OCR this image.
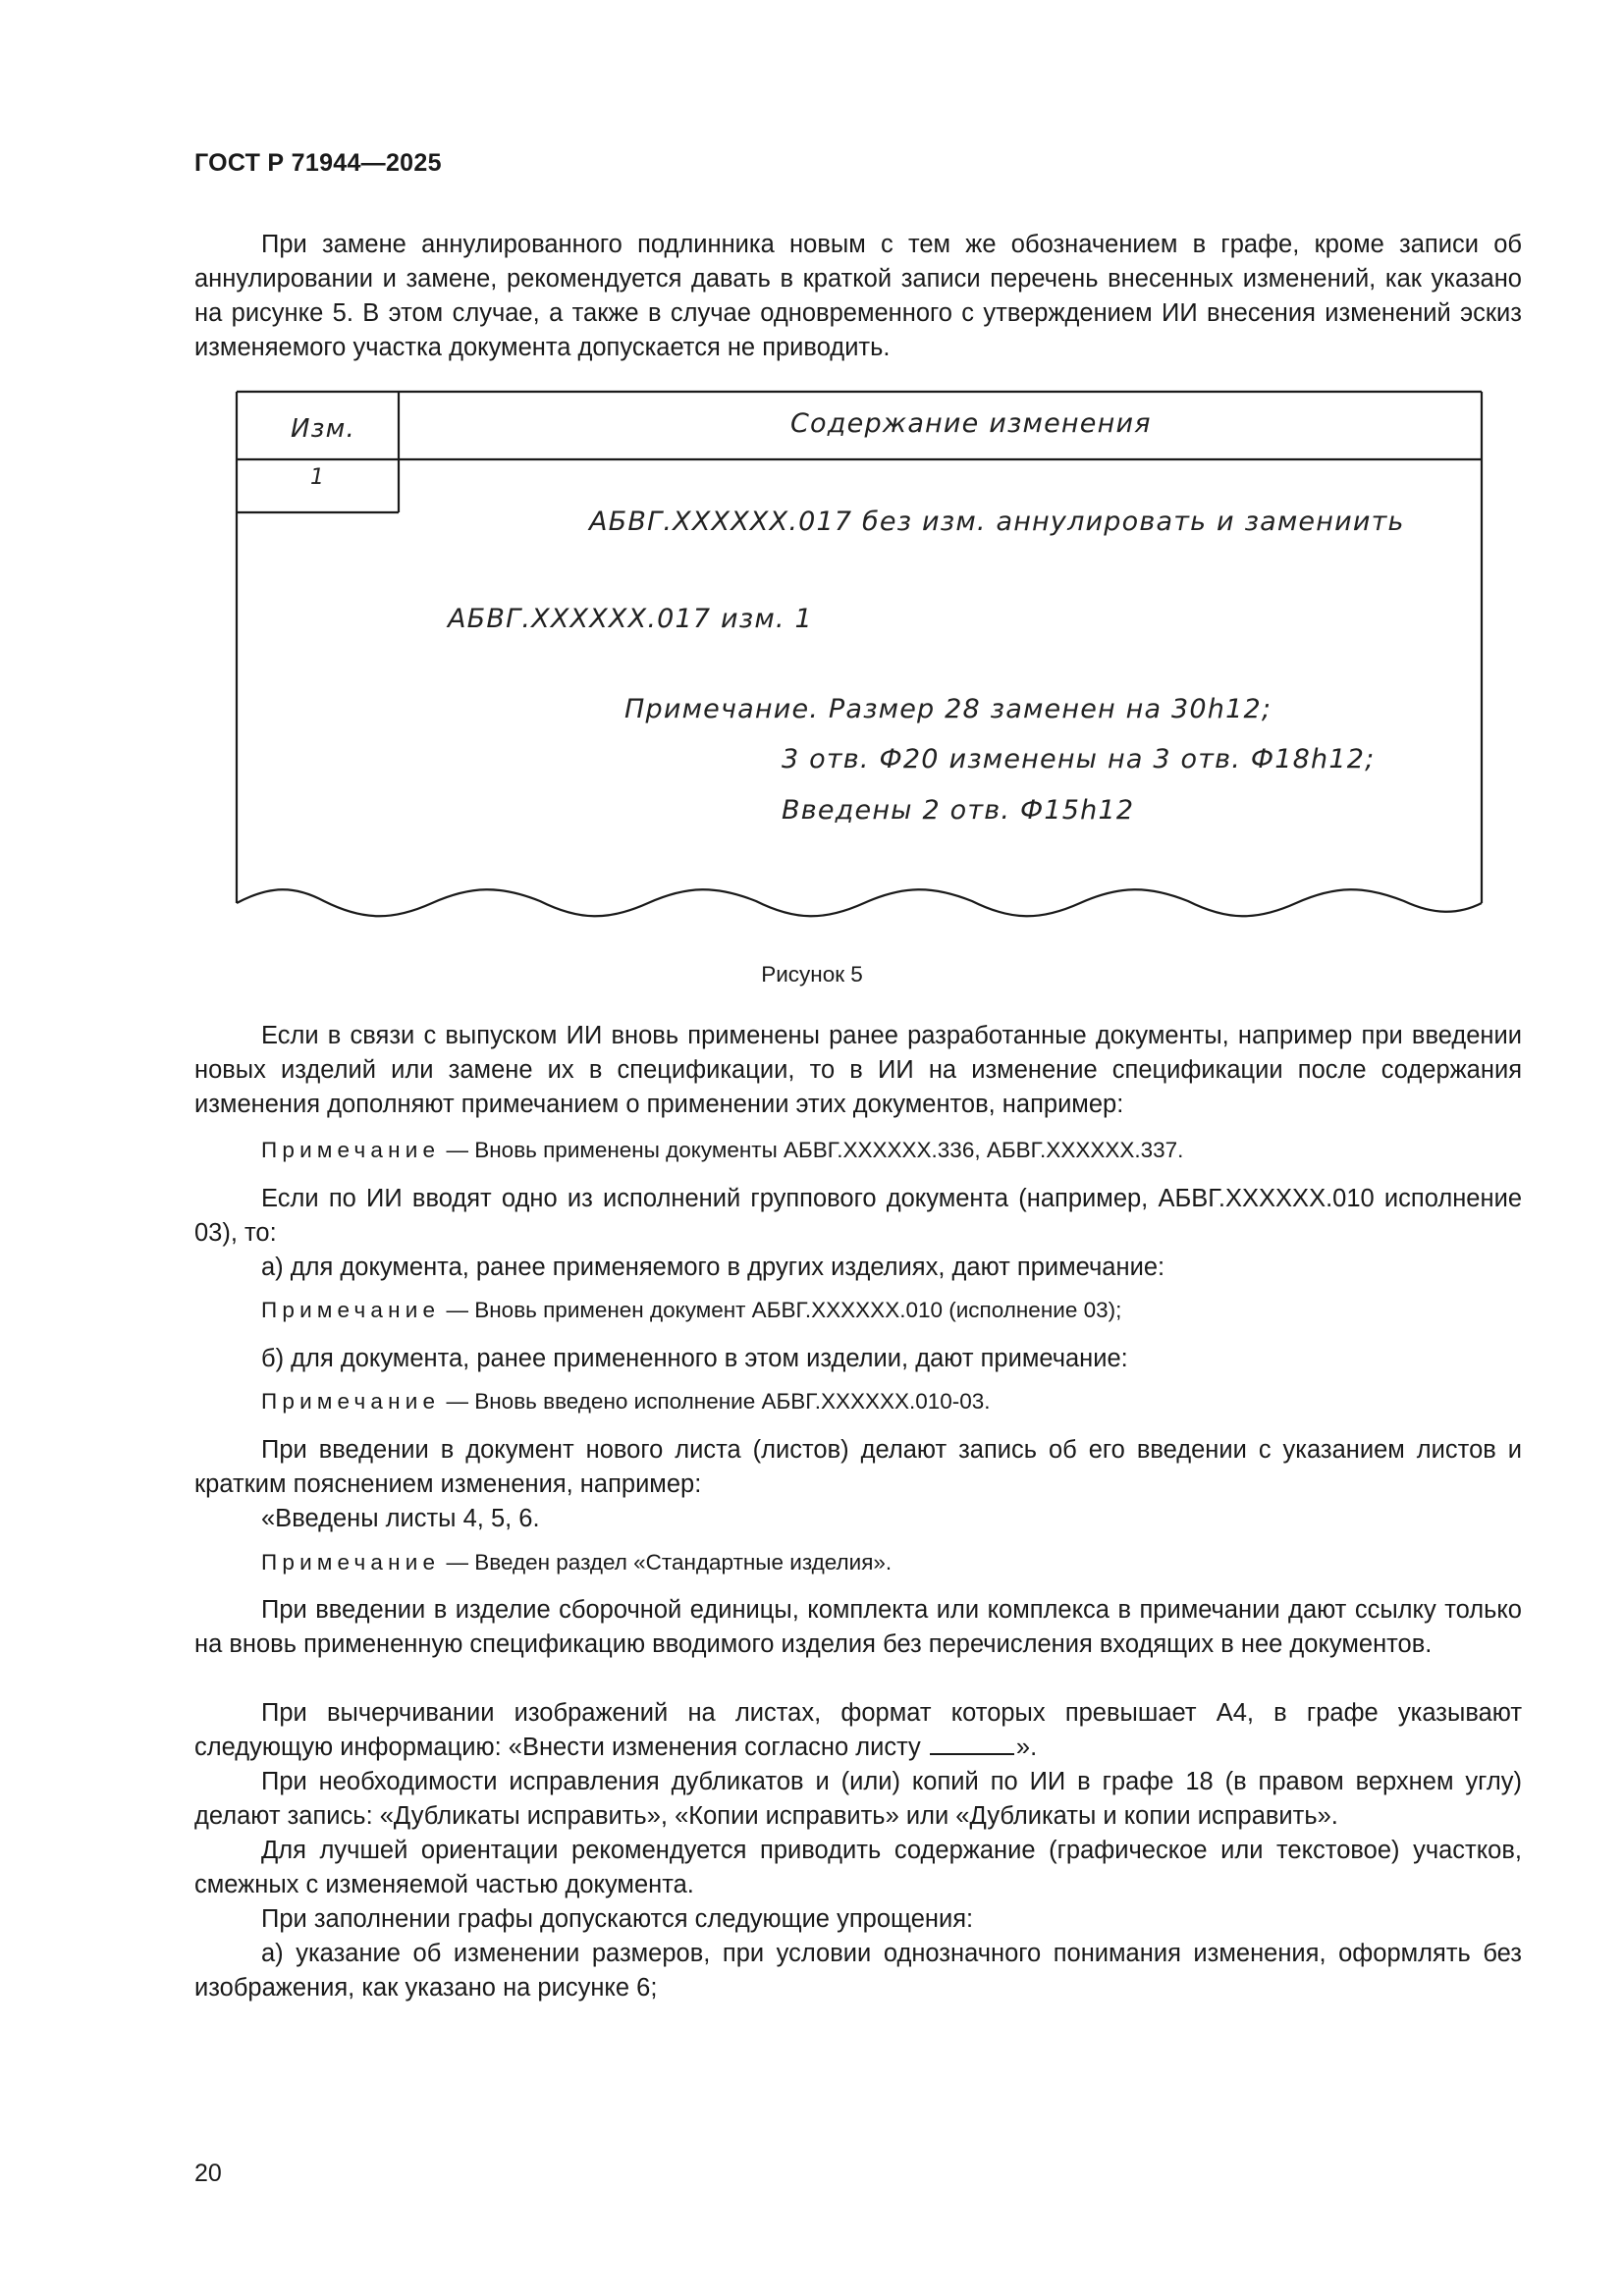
ГОСТ Р 71944—2025

При замене аннулированного подлинника новым с тем же обозначением в графе, кроме записи об аннулировании и замене, рекомендуется давать в краткой записи перечень внесенных изменений, как указано на рисунке 5. В этом случае, а также в случае одновременного с утверждением ИИ внесения изменений эскиз изменяемого участка документа допускается не приводить.

Изм.	Содержание изменения
1
АБВГ.XXXXXX.017 без изм. аннулировать и замениить
АБВГ.XXXXXX.017 изм. 1
Примечание. Размер 28 заменен на 30h12;
3 отв. Ф20 изменены на 3 отв. Ф18h12;
Введены 2 отв. Ф15h12
Рисунок 5

Если в связи с выпуском ИИ вновь применены ранее разработанные документы, например при введении новых изделий или замене их в спецификации, то в ИИ на изменение спецификации после содержания изменения дополняют примечанием о применении этих документов, например:

Примечание — Вновь применены документы АБВГ.XXXXXX.336, АБВГ.XXXXXX.337.

Если по ИИ вводят одно из исполнений группового документа (например, АБВГ.XXXXXX.010 исполнение 03), то:

а) для документа, ранее применяемого в других изделиях, дают примечание:

Примечание — Вновь применен документ АБВГ.XXXXXX.010 (исполнение 03);

б) для документа, ранее примененного в этом изделии, дают примечание:

Примечание — Вновь введено исполнение АБВГ.XXXXXX.010-03.

При введении в документ нового листа (листов) делают запись об его введении с указанием листов и кратким пояснением изменения, например:

«Введены листы 4, 5, 6.

Примечание — Введен раздел «Стандартные изделия».

При введении в изделие сборочной единицы, комплекта или комплекса в примечании дают ссылку только на вновь примененную спецификацию вводимого изделия без перечисления входящих в нее документов.

При вычерчивании изображений на листах, формат которых превышает А4, в графе указывают следующую информацию: «Внести изменения согласно листу	».

При необходимости исправления дубликатов и (или) копий по ИИ в графе 18 (в правом верхнем углу) делают запись: «Дубликаты исправить», «Копии исправить» или «Дубликаты и копии исправить».

Для лучшей ориентации рекомендуется приводить содержание (графическое или текстовое) участков, смежных с изменяемой частью документа.

При заполнении графы допускаются следующие упрощения:

а) указание об изменении размеров, при условии однозначного понимания изменения, оформлять без изображения, как указано на рисунке 6;

20
